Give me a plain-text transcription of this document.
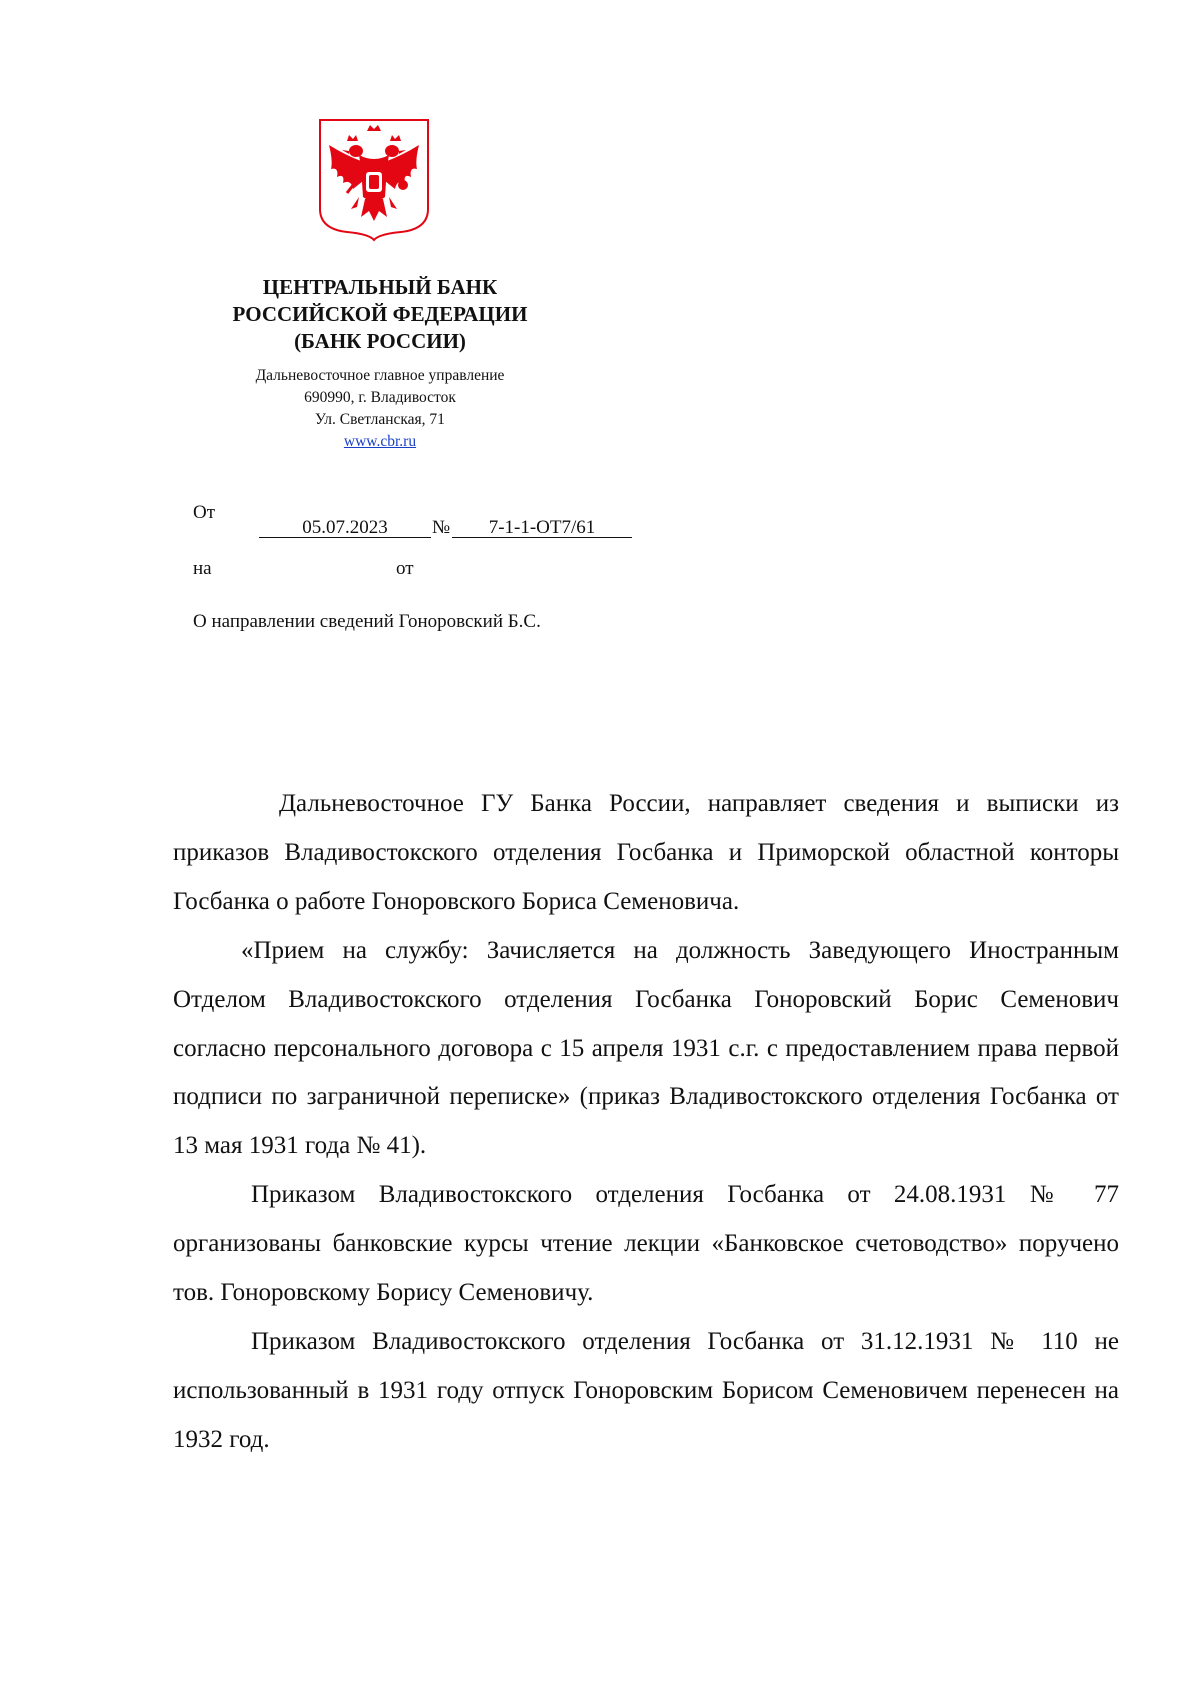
ЦЕНТРАЛЬНЫЙ БАНК
РОССИЙСКОЙ ФЕДЕРАЦИИ
(БАНК РОССИИ)
Дальневосточное главное управление
690990, г. Владивосток
Ул. Светланская, 71
www.cbr.ru
От
05.07.2023	№	7-1-1-ОТ7/61
на	от
О направлении сведений Гоноровский Б.С.

Дальневосточное ГУ Банка России, направляет сведения и выписки из приказов Владивостокского отделения Госбанка и Приморской областной конторы Госбанка о работе Гоноровского Бориса Семеновича.

«Прием на службу: Зачисляется на должность Заведующего Иностранным Отделом Владивостокского отделения Госбанка Гоноровский Борис Семенович согласно персонального договора с 15 апреля 1931 с.г. с предоставлением права первой подписи по заграничной переписке» (приказ Владивостокского отделения Госбанка от 13 мая 1931 года № 41).

Приказом Владивостокского отделения Госбанка от 24.08.1931 № 77 организованы банковские курсы чтение лекции «Банковское счетоводство» поручено тов. Гоноровскому Борису Семеновичу.

Приказом Владивостокского отделения Госбанка от 31.12.1931 № 110 не использованный в 1931 году отпуск Гоноровским Борисом Семеновичем перенесен на 1932 год.
